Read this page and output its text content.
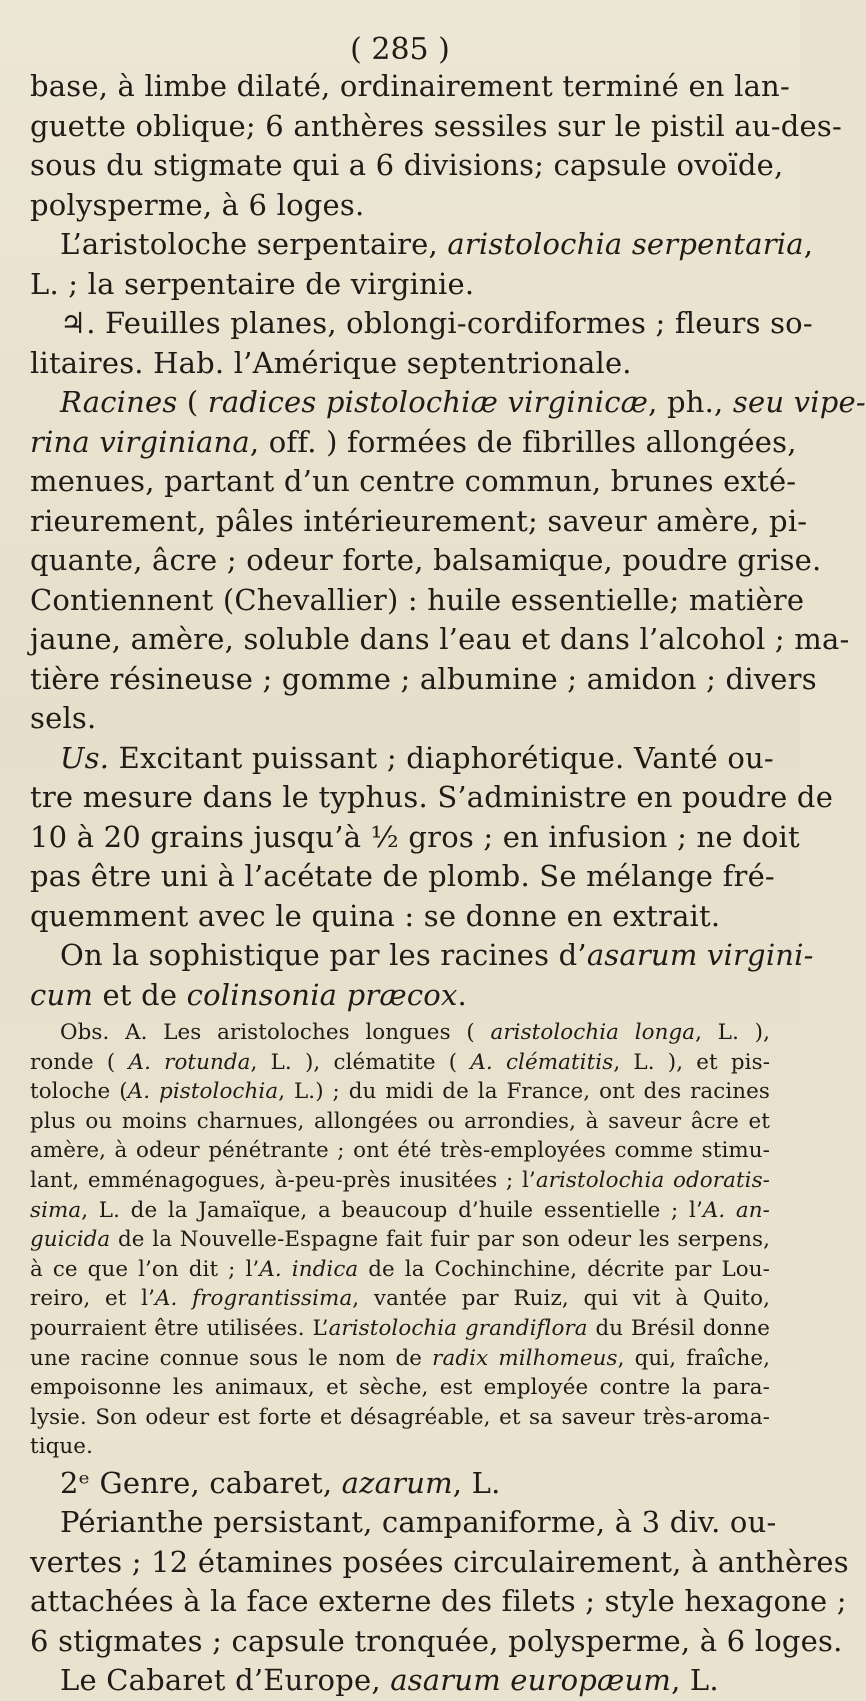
( 285 )

base, à limbe dilaté, ordinairement terminé en lan-
guette oblique; 6 anthères sessiles sur le pistil au-des-
sous du stigmate qui a 6 divisions; capsule ovoïde,
polysperme, à 6 loges.

L’aristoloche serpentaire, aristolochia serpentaria,
L. ; la serpentaire de virginie.

♃. Feuilles planes, oblongi-cordiformes ; fleurs so-
litaires. Hab. l’Amérique septentrionale.

Racines ( radices pistolochiæ virginicæ, ph., seu vipe-
rina virginiana, off. ) formées de fibrilles allongées,
menues, partant d’un centre commun, brunes exté-
rieurement, pâles intérieurement; saveur amère, pi-
quante, âcre ; odeur forte, balsamique, poudre grise.
Contiennent (Chevallier) : huile essentielle; matière
jaune, amère, soluble dans l’eau et dans l’alcohol ; ma-
tière résineuse ; gomme ; albumine ; amidon ; divers
sels.

Us. Excitant puissant ; diaphorétique. Vanté ou-
tre mesure dans le typhus. S’administre en poudre de
10 à 20 grains jusqu’à ½ gros ; en infusion ; ne doit
pas être uni à l’acétate de plomb. Se mélange fré-
quemment avec le quina : se donne en extrait.

On la sophistique par les racines d’asarum virgini-
cum et de colinsonia præcox.

Obs. A. Les aristoloches longues ( aristolochia longa, L. ),
ronde ( A. rotunda, L. ), clématite ( A. clématitis, L. ), et pis-
toloche (A. pistolochia, L.) ; du midi de la France, ont des racines
plus ou moins charnues, allongées ou arrondies, à saveur âcre et
amère, à odeur pénétrante ; ont été très-employées comme stimu-
lant, emménagogues, à-peu-près inusitées ; l’aristolochia odoratis-
sima, L. de la Jamaïque, a beaucoup d’huile essentielle ; l’A. an-
guicida de la Nouvelle-Espagne fait fuir par son odeur les serpens,
à ce que l’on dit ; l’A. indica de la Cochinchine, décrite par Lou-
reiro, et l’A. frograntissima, vantée par Ruiz, qui vit à Quito,
pourraient être utilisées. L’aristolochia grandiflora du Brésil donne
une racine connue sous le nom de radix milhomeus, qui, fraîche,
empoisonne les animaux, et sèche, est employée contre la para-
lysie. Son odeur est forte et désagréable, et sa saveur très-aroma-
tique.

2ᵉ Genre, cabaret, azarum, L.

Périanthe persistant, campaniforme, à 3 div. ou-
vertes ; 12 étamines posées circulairement, à anthères
attachées à la face externe des filets ; style hexagone ;
6 stigmates ; capsule tronquée, polysperme, à 6 loges.

Le Cabaret d’Europe, asarum europæum, L.
